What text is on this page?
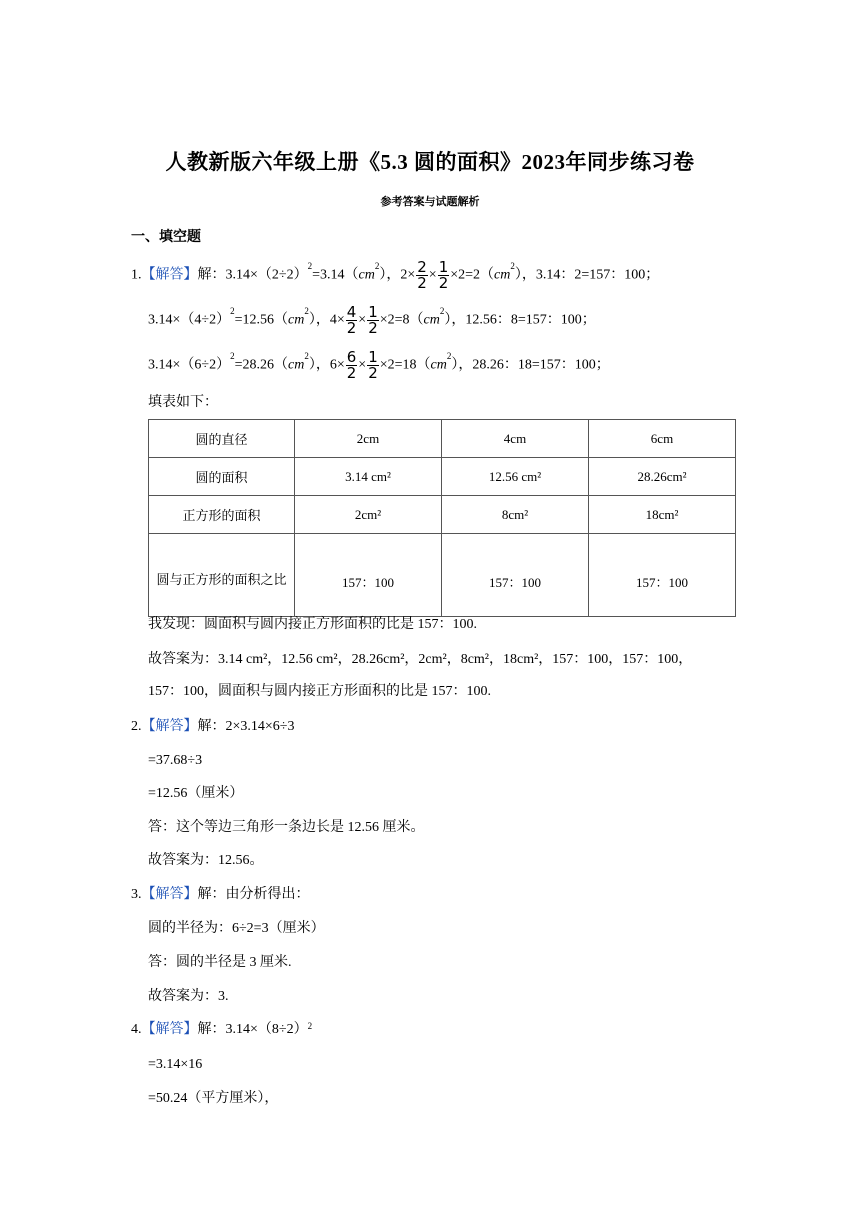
人教新版六年级上册《5.3 圆的面积》2023年同步练习卷
参考答案与试题解析
一、填空题
1.【解答】解：$3.14\times(2\div 2)^2=3.14(cm^2)$，$2\times \frac{2}{2} \times \frac{1}{2} \times 2=2(cm^2)$，3.14：2=157：100；
$3.14\times(4\div 2)^2=12.56(cm^2)$，$4\times \frac{4}{2} \times \frac{1}{2} \times 2=8(cm^2)$，12.56：8=157：100；
$3.14\times(6\div 2)^2=28.26(cm^2)$，$6\times \frac{6}{2} \times \frac{1}{2} \times 2=18(cm^2)$，28.26：18=157：100；
填表如下：
圆的直径	2cm	4cm	6cm
圆的面积	3.14 cm²	12.56 cm²	28.26cm²
正方形的面积	2cm²	8cm²	18cm²
圆与正方形的面积之比	157：100	157：100	157：100
我发现：圆面积与圆内接正方形面积的比是 157：100.
故答案为：3.14 cm²，12.56 cm²，28.26cm²，2cm²，8cm²，18cm²，157：100，157：100，
157：100，圆面积与圆内接正方形面积的比是 157：100.
2.【解答】解：2×3.14×6÷3
=37.68÷3
=12.56（厘米）
答：这个等边三角形一条边长是 12.56 厘米。
故答案为：12.56。
3.【解答】解：由分析得出：
圆的半径为：6÷2=3（厘米）
答：圆的半径是 3 厘米.
故答案为：3.
4.【解答】解：$3.14\times(8\div 2)^2$
=3.14×16
=50.24（平方厘米），
